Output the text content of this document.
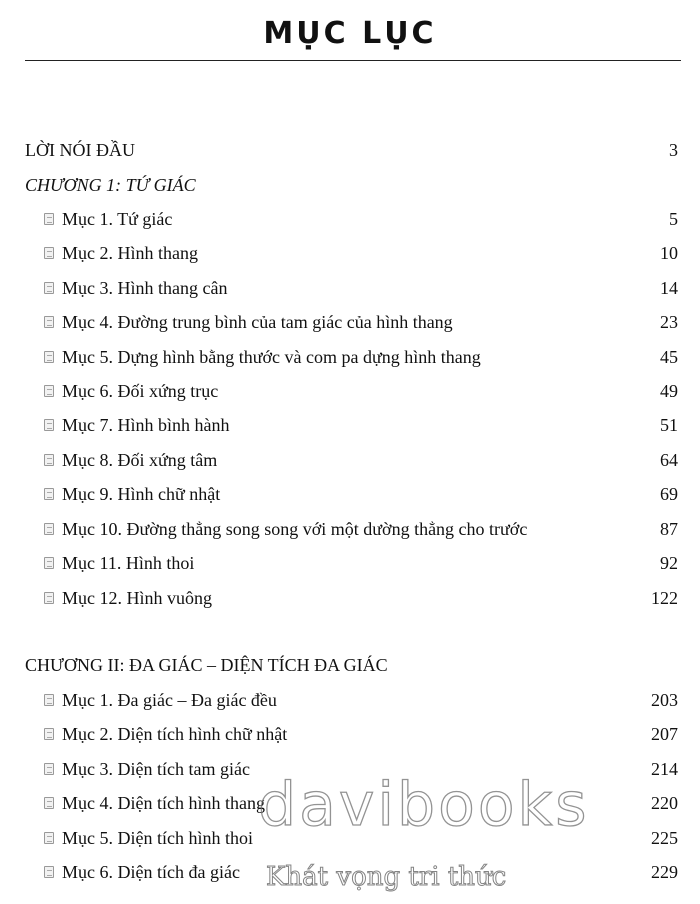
MỤC LỤC
LỜI NÓI ĐẦU	3
CHƯƠNG 1: TỨ GIÁC
Mục 1. Tứ giác	5
Mục 2. Hình thang	10
Mục 3. Hình thang cân	14
Mục 4. Đường trung bình của tam giác của hình thang	23
Mục 5. Dựng hình bằng thước và com pa dựng hình thang	45
Mục 6. Đối xứng trục	49
Mục 7. Hình bình hành	51
Mục 8. Đối xứng tâm	64
Mục 9. Hình chữ nhật	69
Mục 10. Đường thẳng song song với một dường thẳng cho trước	87
Mục 11. Hình thoi	92
Mục 12. Hình vuông	122
CHƯƠNG II: ĐA GIÁC – DIỆN TÍCH ĐA GIÁC
Mục 1. Đa giác – Đa giác đều	203
Mục 2. Diện tích hình chữ nhật	207
Mục 3. Diện tích tam giác	214
Mục 4. Diện tích hình thang	220
Mục 5. Diện tích hình thoi	225
Mục 6. Diện tích đa giác	229
davibooks
Khát vọng tri thức
